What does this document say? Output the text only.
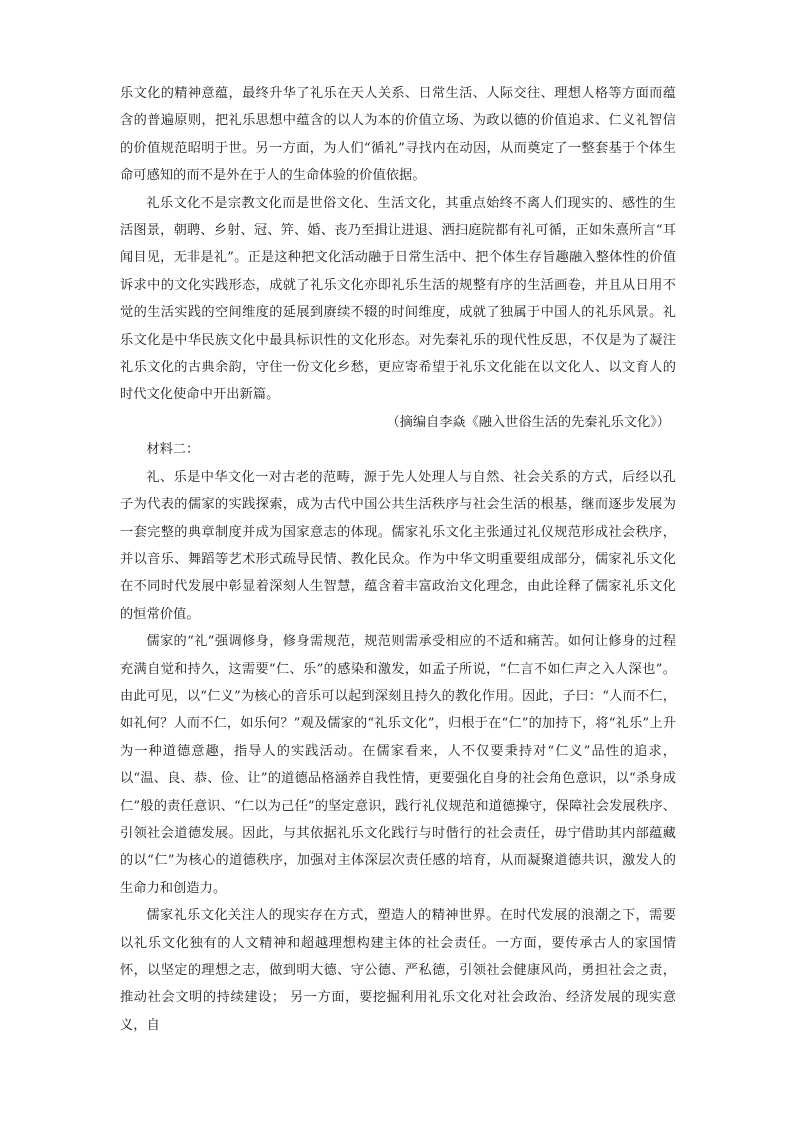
乐文化的精神意蕴，最终升华了礼乐在天人关系、日常生活、人际交往、理想人格等方面而蕴含的普遍原则，把礼乐思想中蕴含的以人为本的价值立场、为政以德的价值追求、仁义礼智信的价值规范昭明于世。另一方面，为人们“循礼”寻找内在动因，从而奠定了一整套基于个体生命可感知的而不是外在于人的生命体验的价值依据。

礼乐文化不是宗教文化而是世俗文化、生活文化，其重点始终不离人们现实的、感性的生活图景，朝聘、乡射、冠、笄、婚、丧乃至揖让进退、洒扫庭院都有礼可循，正如朱熹所言“耳闻目见，无非是礼”。正是这种把文化活动融于日常生活中、把个体生存旨趣融入整体性的价值诉求中的文化实践形态，成就了礼乐文化亦即礼乐生活的规整有序的生活画卷，并且从日用不觉的生活实践的空间维度的延展到赓续不辍的时间维度，成就了独属于中国人的礼乐风景。礼乐文化是中华民族文化中最具标识性的文化形态。对先秦礼乐的现代性反思，不仅是为了凝注礼乐文化的古典余韵，守住一份文化乡愁，更应寄希望于礼乐文化能在以文化人、以文育人的时代文化使命中开出新篇。

（摘编自李焱《融入世俗生活的先秦礼乐文化》）

材料二：

礼、乐是中华文化一对古老的范畴，源于先人处理人与自然、社会关系的方式，后经以孔子为代表的儒家的实践探索，成为古代中国公共生活秩序与社会生活的根基，继而逐步发展为一套完整的典章制度并成为国家意志的体现。儒家礼乐文化主张通过礼仪规范形成社会秩序，并以音乐、舞蹈等艺术形式疏导民情、教化民众。作为中华文明重要组成部分，儒家礼乐文化在不同时代发展中彰显着深刻人生智慧，蕴含着丰富政治文化理念，由此诠释了儒家礼乐文化的恒常价值。

儒家的“礼”强调修身，修身需规范，规范则需承受相应的不适和痛苦。如何让修身的过程充满自觉和持久，这需要“仁、乐”的感染和激发，如孟子所说，“仁言不如仁声之入人深也”。由此可见，以“仁义”为核心的音乐可以起到深刻且持久的教化作用。因此，子曰：“人而不仁，如礼何？人而不仁，如乐何？”观及儒家的“礼乐文化”，归根于在“仁”的加持下，将“礼乐”上升为一种道德意趣，指导人的实践活动。在儒家看来，人不仅要秉持对“仁义”品性的追求，以“温、良、恭、俭、让”的道德品格涵养自我性情，更要强化自身的社会角色意识，以“杀身成仁”般的责任意识、“仁以为己任”的坚定意识，践行礼仪规范和道德操守，保障社会发展秩序、引领社会道德发展。因此，与其依据礼乐文化践行与时偕行的社会责任，毋宁借助其内部蕴藏的以“仁”为核心的道德秩序，加强对主体深层次责任感的培育，从而凝聚道德共识，激发人的生命力和创造力。

儒家礼乐文化关注人的现实存在方式，塑造人的精神世界。在时代发展的浪潮之下，需要以礼乐文化独有的人文精神和超越理想构建主体的社会责任。一方面，要传承古人的家国情怀，以坚定的理想之志，做到明大德、守公德、严私德，引领社会健康风尚，勇担社会之责，推动社会文明的持续建设； 另一方面，要挖掘利用礼乐文化对社会政治、经济发展的现实意义，自
